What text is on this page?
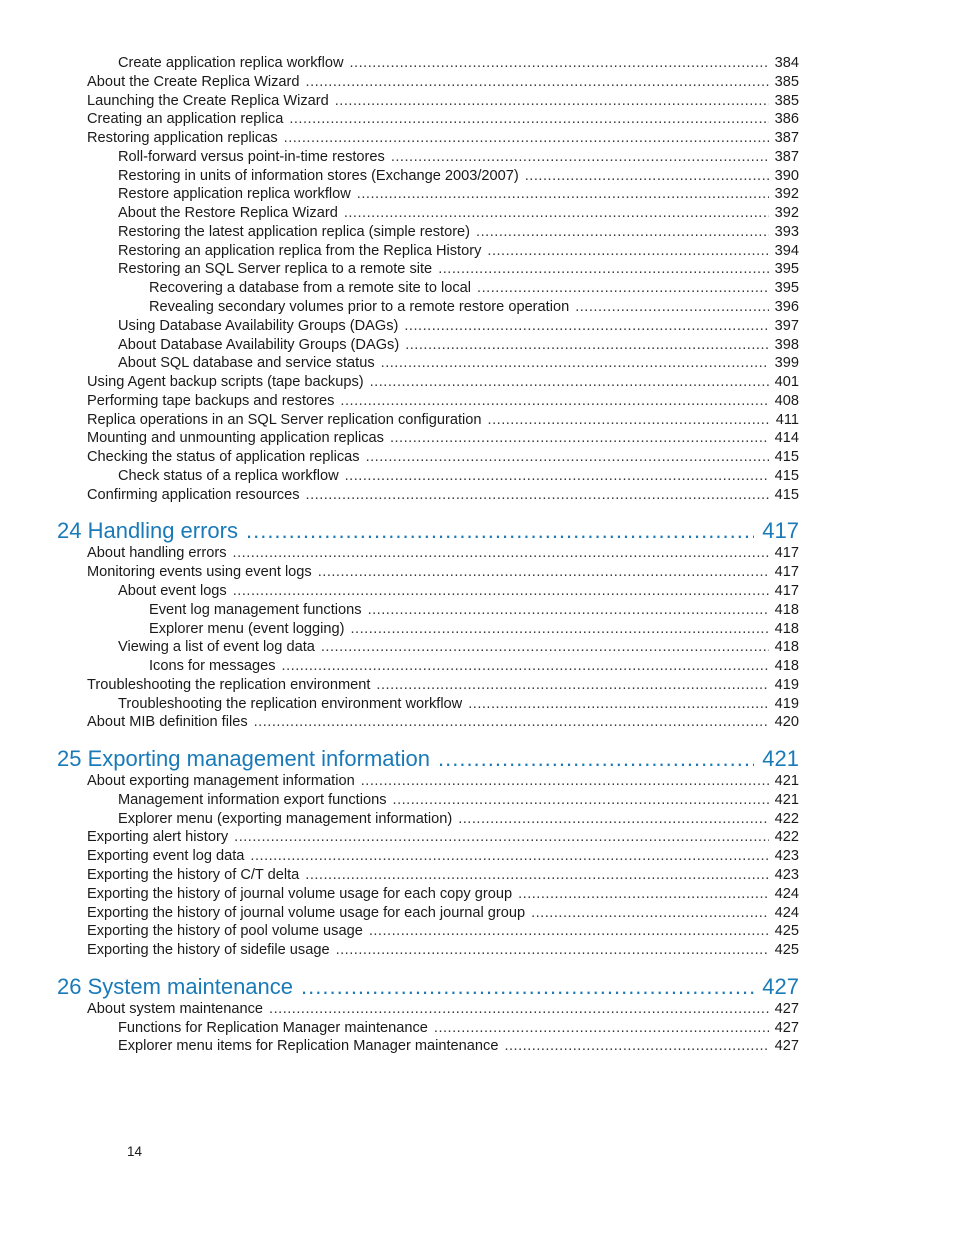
Create application replica workflow .....	384
About the Create Replica Wizard .....	385
Launching the Create Replica Wizard .....	385
Creating an application replica .....	386
Restoring application replicas .....	387
Roll-forward versus point-in-time restores .....	387
Restoring in units of information stores (Exchange 2003/2007) .....	390
Restore application replica workflow .....	392
About the Restore Replica Wizard .....	392
Restoring the latest application replica (simple restore) .....	393
Restoring an application replica from the Replica History .....	394
Restoring an SQL Server replica to a remote site .....	395
Recovering a database from a remote site to local .....	395
Revealing secondary volumes prior to a remote restore operation .....	396
Using Database Availability Groups (DAGs) .....	397
About Database Availability Groups (DAGs) .....	398
About SQL database and service status .....	399
Using Agent backup scripts (tape backups) .....	401
Performing tape backups and restores .....	408
Replica operations in an SQL Server replication configuration .....	411
Mounting and unmounting application replicas .....	414
Checking the status of application replicas .....	415
Check status of a replica workflow .....	415
Confirming application resources .....	415
24 Handling errors .....	417
About handling errors .....	417
Monitoring events using event logs .....	417
About event logs .....	417
Event log management functions .....	418
Explorer menu (event logging) .....	418
Viewing a list of event log data .....	418
Icons for messages .....	418
Troubleshooting the replication environment .....	419
Troubleshooting the replication environment workflow .....	419
About MIB definition files .....	420
25 Exporting management information .....	421
About exporting management information .....	421
Management information export functions .....	421
Explorer menu (exporting management information) .....	422
Exporting alert history .....	422
Exporting event log data .....	423
Exporting the history of C/T delta .....	423
Exporting the history of journal volume usage for each copy group .....	424
Exporting the history of journal volume usage for each journal group .....	424
Exporting the history of pool volume usage .....	425
Exporting the history of sidefile usage .....	425
26 System maintenance .....	427
About system maintenance .....	427
Functions for Replication Manager maintenance .....	427
Explorer menu items for Replication Manager maintenance .....	427
14
